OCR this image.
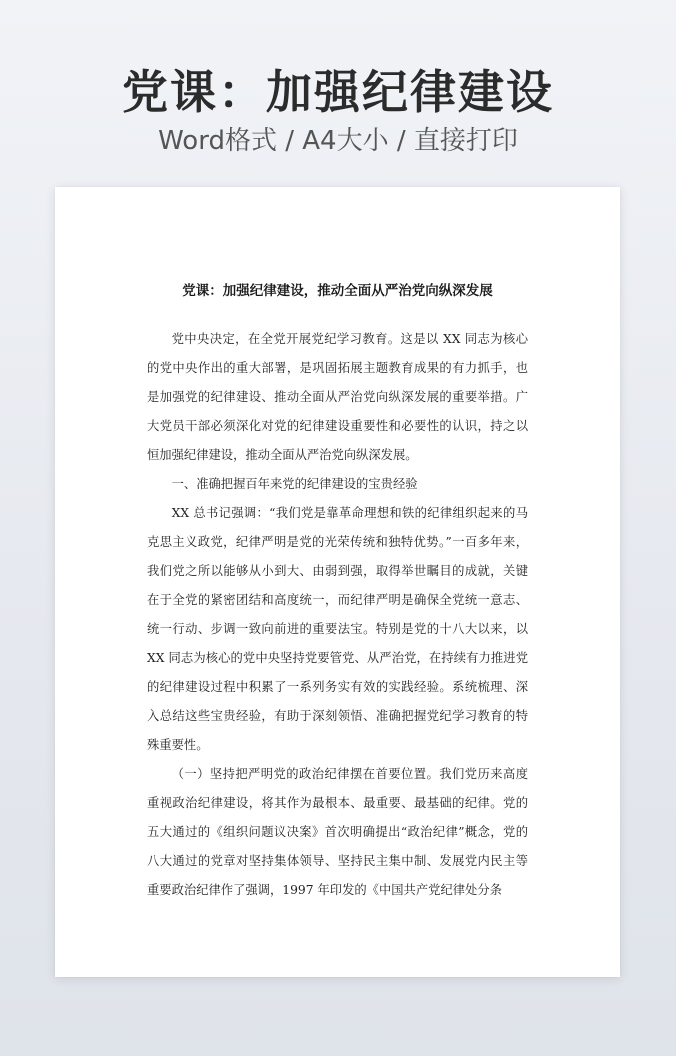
党课：加强纪律建设
Word格式 / A4大小 / 直接打印
党课：加强纪律建设，推动全面从严治党向纵深发展

党中央决定，在全党开展党纪学习教育。这是以 XX 同志为核心的党中央作出的重大部署，是巩固拓展主题教育成果的有力抓手，也是加强党的纪律建设、推动全面从严治党向纵深发展的重要举措。广大党员干部必须深化对党的纪律建设重要性和必要性的认识，持之以恒加强纪律建设，推动全面从严治党向纵深发展。

一、准确把握百年来党的纪律建设的宝贵经验

XX 总书记强调：“我们党是靠革命理想和铁的纪律组织起来的马克思主义政党，纪律严明是党的光荣传统和独特优势。”一百多年来，我们党之所以能够从小到大、由弱到强，取得举世瞩目的成就，关键在于全党的紧密团结和高度统一，而纪律严明是确保全党统一意志、统一行动、步调一致向前进的重要法宝。特别是党的十八大以来，以 XX 同志为核心的党中央坚持党要管党、从严治党，在持续有力推进党的纪律建设过程中积累了一系列务实有效的实践经验。系统梳理、深入总结这些宝贵经验，有助于深刻领悟、准确把握党纪学习教育的特殊重要性。

（一）坚持把严明党的政治纪律摆在首要位置。我们党历来高度重视政治纪律建设，将其作为最根本、最重要、最基础的纪律。党的五大通过的《组织问题议决案》首次明确提出“政治纪律”概念，党的八大通过的党章对坚持集体领导、坚持民主集中制、发展党内民主等重要政治纪律作了强调，1997 年印发的《中国共产党纪律处分条
